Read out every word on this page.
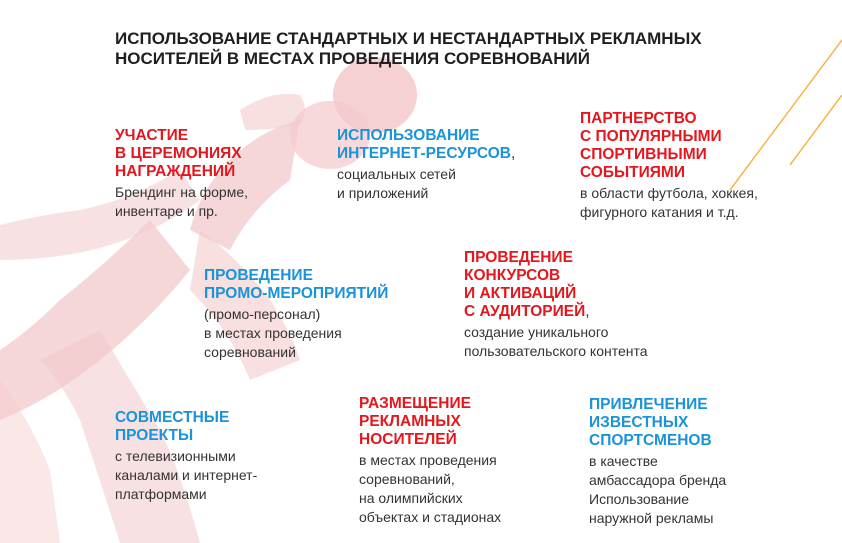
ИСПОЛЬЗОВАНИЕ СТАНДАРТНЫХ И НЕСТАНДАРТНЫХ РЕКЛАМНЫХ НОСИТЕЛЕЙ В МЕСТАХ ПРОВЕДЕНИЯ СОРЕВНОВАНИЙ

УЧАСТИЕ
В ЦЕРЕМОНИЯХ
НАГРАЖДЕНИЙ

Брендинг на форме,
инвентаре и пр.

ИСПОЛЬЗОВАНИЕ
ИНТЕРНЕТ-РЕСУРСОВ,

социальных сетей
и приложений

ПАРТНЕРСТВО
С ПОПУЛЯРНЫМИ
СПОРТИВНЫМИ
СОБЫТИЯМИ

в области футбола, хоккея,
фигурного катания и т.д.

ПРОВЕДЕНИЕ
ПРОМО-МЕРОПРИЯТИЙ

(промо-персонал)
в местах проведения
соревнований

ПРОВЕДЕНИЕ
КОНКУРСОВ
И АКТИВАЦИЙ
С АУДИТОРИЕЙ,

создание уникального
пользовательского контента

СОВМЕСТНЫЕ
ПРОЕКТЫ

с телевизионными
каналами и интернет-
платформами

РАЗМЕЩЕНИЕ
РЕКЛАМНЫХ
НОСИТЕЛЕЙ

в местах проведения
соревнований,
на олимпийских
объектах и стадионах

ПРИВЛЕЧЕНИЕ
ИЗВЕСТНЫХ
СПОРТСМЕНОВ

в качестве
амбассадора бренда
Использование
наружной рекламы
